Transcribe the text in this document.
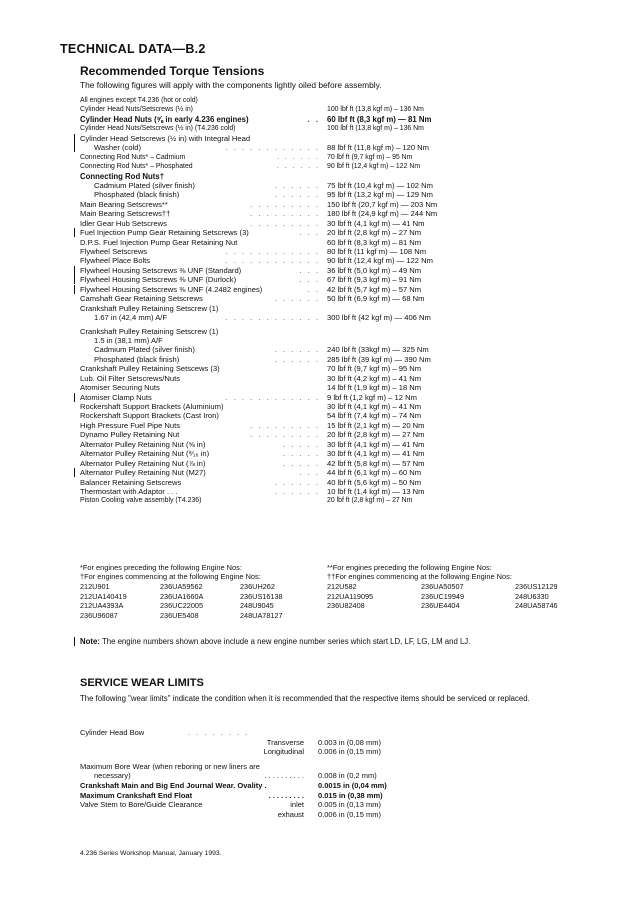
TECHNICAL DATA—B.2
Recommended Torque Tensions
The following figures will apply with the components lightly oiled before assembly.
All engines except T4.236 (hot or cold)
Cylinder Head Nuts/Setscrews (½ in)	100 lbf ft (13,8 kgf m) – 136 Nm
Cylinder Head Nuts (⅝ in early 4.236 engines)	. . 60 lbf ft (8,3 kgf m) — 81 Nm
Cylinder Head Nuts/Setscrews (½ in) (T4.236 cold)	100 lbf ft (13,8 kgf m) – 136 Nm
Cylinder Head Setscrews (½ in) with Integral Head
Washer (cold)	. . . . . . . . . . . . 88 lbf ft (11,8 kgf m) – 120 Nm
Connecting Rod Nuts* – Cadmium	. . . . . . 70 lbf ft (9,7 kgf m) – 95 Nm
Connecting Rod Nuts* – Phosphated	. . . . . . 90 lbf ft (12,4 kgf m) – 122 Nm
Connecting Rod Nuts†
Cadmium Plated (silver finish)	. . . . . . 75 lbf ft (10,4 kgf m) — 102 Nm
Phosphated (black finish)	. . . . . . 95 lbf ft (13,2 kgf m) — 129 Nm
Main Bearing Setscrews**	. . . . . . . . . 150 lbf ft (20,7 kgf m) — 203 Nm
Main Bearing Setscrews††	. . . . . . . . . 180 lbf ft (24,9 kgf m) — 244 Nm
Idler Gear Hub Setscrews	. . . . . . . . . 30 lbf ft (4,1 kgf m) — 41 Nm
Fuel Injection Pump Gear Retaining Setscrews (3)	. . . 20 lbf ft (2,8 kgf m) – 27 Nm
D.P.S. Fuel Injection Pump Gear Retaining Nut	60 lbf ft (8,3 kgf m) – 81 Nm
Flywheel Setscrews	. . . . . . . . . . . . 80 lbf ft (11 kgf m) — 108 Nm
Flywheel Place Bolts	. . . . . . . . . . . . 90 lbf ft (12,4 kgf m) — 122 Nm
Flywheel Housing Setscrews ⅜ UNF (Standard)	. . . 36 lbf ft (5,0 kgf m) – 49 Nm
Flywheel Housing Setscrews ⅜ UNF (Durlock)	. . . 67 lbf ft (9,3 kgf m) – 91 Nm
Flywheel Housing Setscrews ⅜ UNF (4.2482 engines)	. . 42 lbf ft (5,7 kgf m) – 57 Nm
Camshaft Gear Retaining Setscrews	. . . . . . 50 lbf ft (6,9 kgf m) — 68 Nm
Crankshaft Pulley Retaining Setscrew (1)
1.67 in (42,4 mm) A/F	. . . . . . . . . . . . 300 lbf ft (42 kgf m) — 406 Nm
Crankshaft Pulley Retaining Setscrew (1)
1.5 in (38,1 mm) A/F
Cadmium Plated (silver finish)	. . . . . . 240 lbf ft (33kgf m) — 325 Nm
Phosphated (black finish)	. . . . . . 285 lbf ft (39 kgf m) — 390 Nm
Crankshaft Pulley Retaining Setscews (3)	70 lbf ft (9,7 kgf m) – 95 Nm
Lub. Oil Filter Setscrews/Nuts	30 lbf ft (4,2 kgf m) – 41 Nm
Atomiser Securing Nuts	14 lbf ft (1,9 kgf m) – 18 Nm
Atomiser Clamp Nuts	. . . . . . . . . . . . 9 lbf ft (1,2 kgf m) – 12 Nm
Rockershaft Support Brackets (Aluminium)	30 lbf ft (4,1 kgf m) – 41 Nm
Rockershaft Support Brackets (Cast Iron)	54 lbf ft (7,4 kgf m) – 74 Nm
High Pressure Fuel Pipe Nuts	. . . . . . . . . 15 lbf ft (2,1 kgf m) — 20 Nm
Dynamo Pulley Retaining Nut	. . . . . . . . . 20 lbf ft (2,8 kgf m) — 27 Nm
Alternator Pulley Retaining Nut (⅝ in)	. . . . . 30 lbf ft (4,1 kgf m) — 41 Nm
Alternator Pulley Retaining Nut (⁹⁄₁₆ in)	. . . . . 30 lbf ft (4,1 kgf m) — 41 Nm
Alternator Pulley Retaining Nut (⅞ in)	. . . . . 42 lbf ft (5,8 kgf m) — 57 Nm
Alternator Pulley Retaining Nut (M27)	. . . 44 lbf ft (6,1 kgf m) – 60 Nm
Balancer Retaining Setscrews	. . . . . . 40 lbf ft (5,6 kgf m) – 50 Nm
Thermostart with Adaptor . . .	. . . . . . 10 lbf ft (1,4 kgf m) — 13 Nm
Piston Cooling valve assembly (T4.236)	20 lbf ft (2,8 kgf m) – 27 Nm
*For engines preceding the following Engine Nos:
†For engines commencing at the following Engine Nos:
**For engines preceding the following Engine Nos:
††For engines commencing at the following Engine Nos:
212U901	236UA59562	236UH262
212UA140419	236UA1660A	236US16138
212UA4393A	236UC22005	248U9045
236U96087	236UE5408	248UA78127
212U582	236UA50507	236US12129
212UA119095	236UC19949	248U6330
236U82408	236UE4404	248UA58746
Note: The engine numbers shown above include a new engine number series which start LD, LF, LG, LM and LJ.
SERVICE WEAR LIMITS
The following "wear limits" indicate the condition when it is recommended that the respective items should be serviced or replaced.
Cylinder Head Bow	. . . . . . . .
Transverse 0.003 in (0,08 mm)
Longitudinal 0.006 in (0,15 mm)
Maximum Bore Wear (when reboring or new liners are
necessary)	. . . . . . . . . . 0.008 in (0,2 mm)
Crankshaft Main and Big End Journal Wear. Ovality .	0.0015 in (0,04 mm)
Maximum Crankshaft End Float	. . . . . . . . . 0.015 in (0,38 mm)
Valve Stem to Bore/Guide Clearance	inlet 0.005 in (0,13 mm)
exhaust 0.006 in (0,15 mm)
4.236 Series Workshop Manual, January 1993.
